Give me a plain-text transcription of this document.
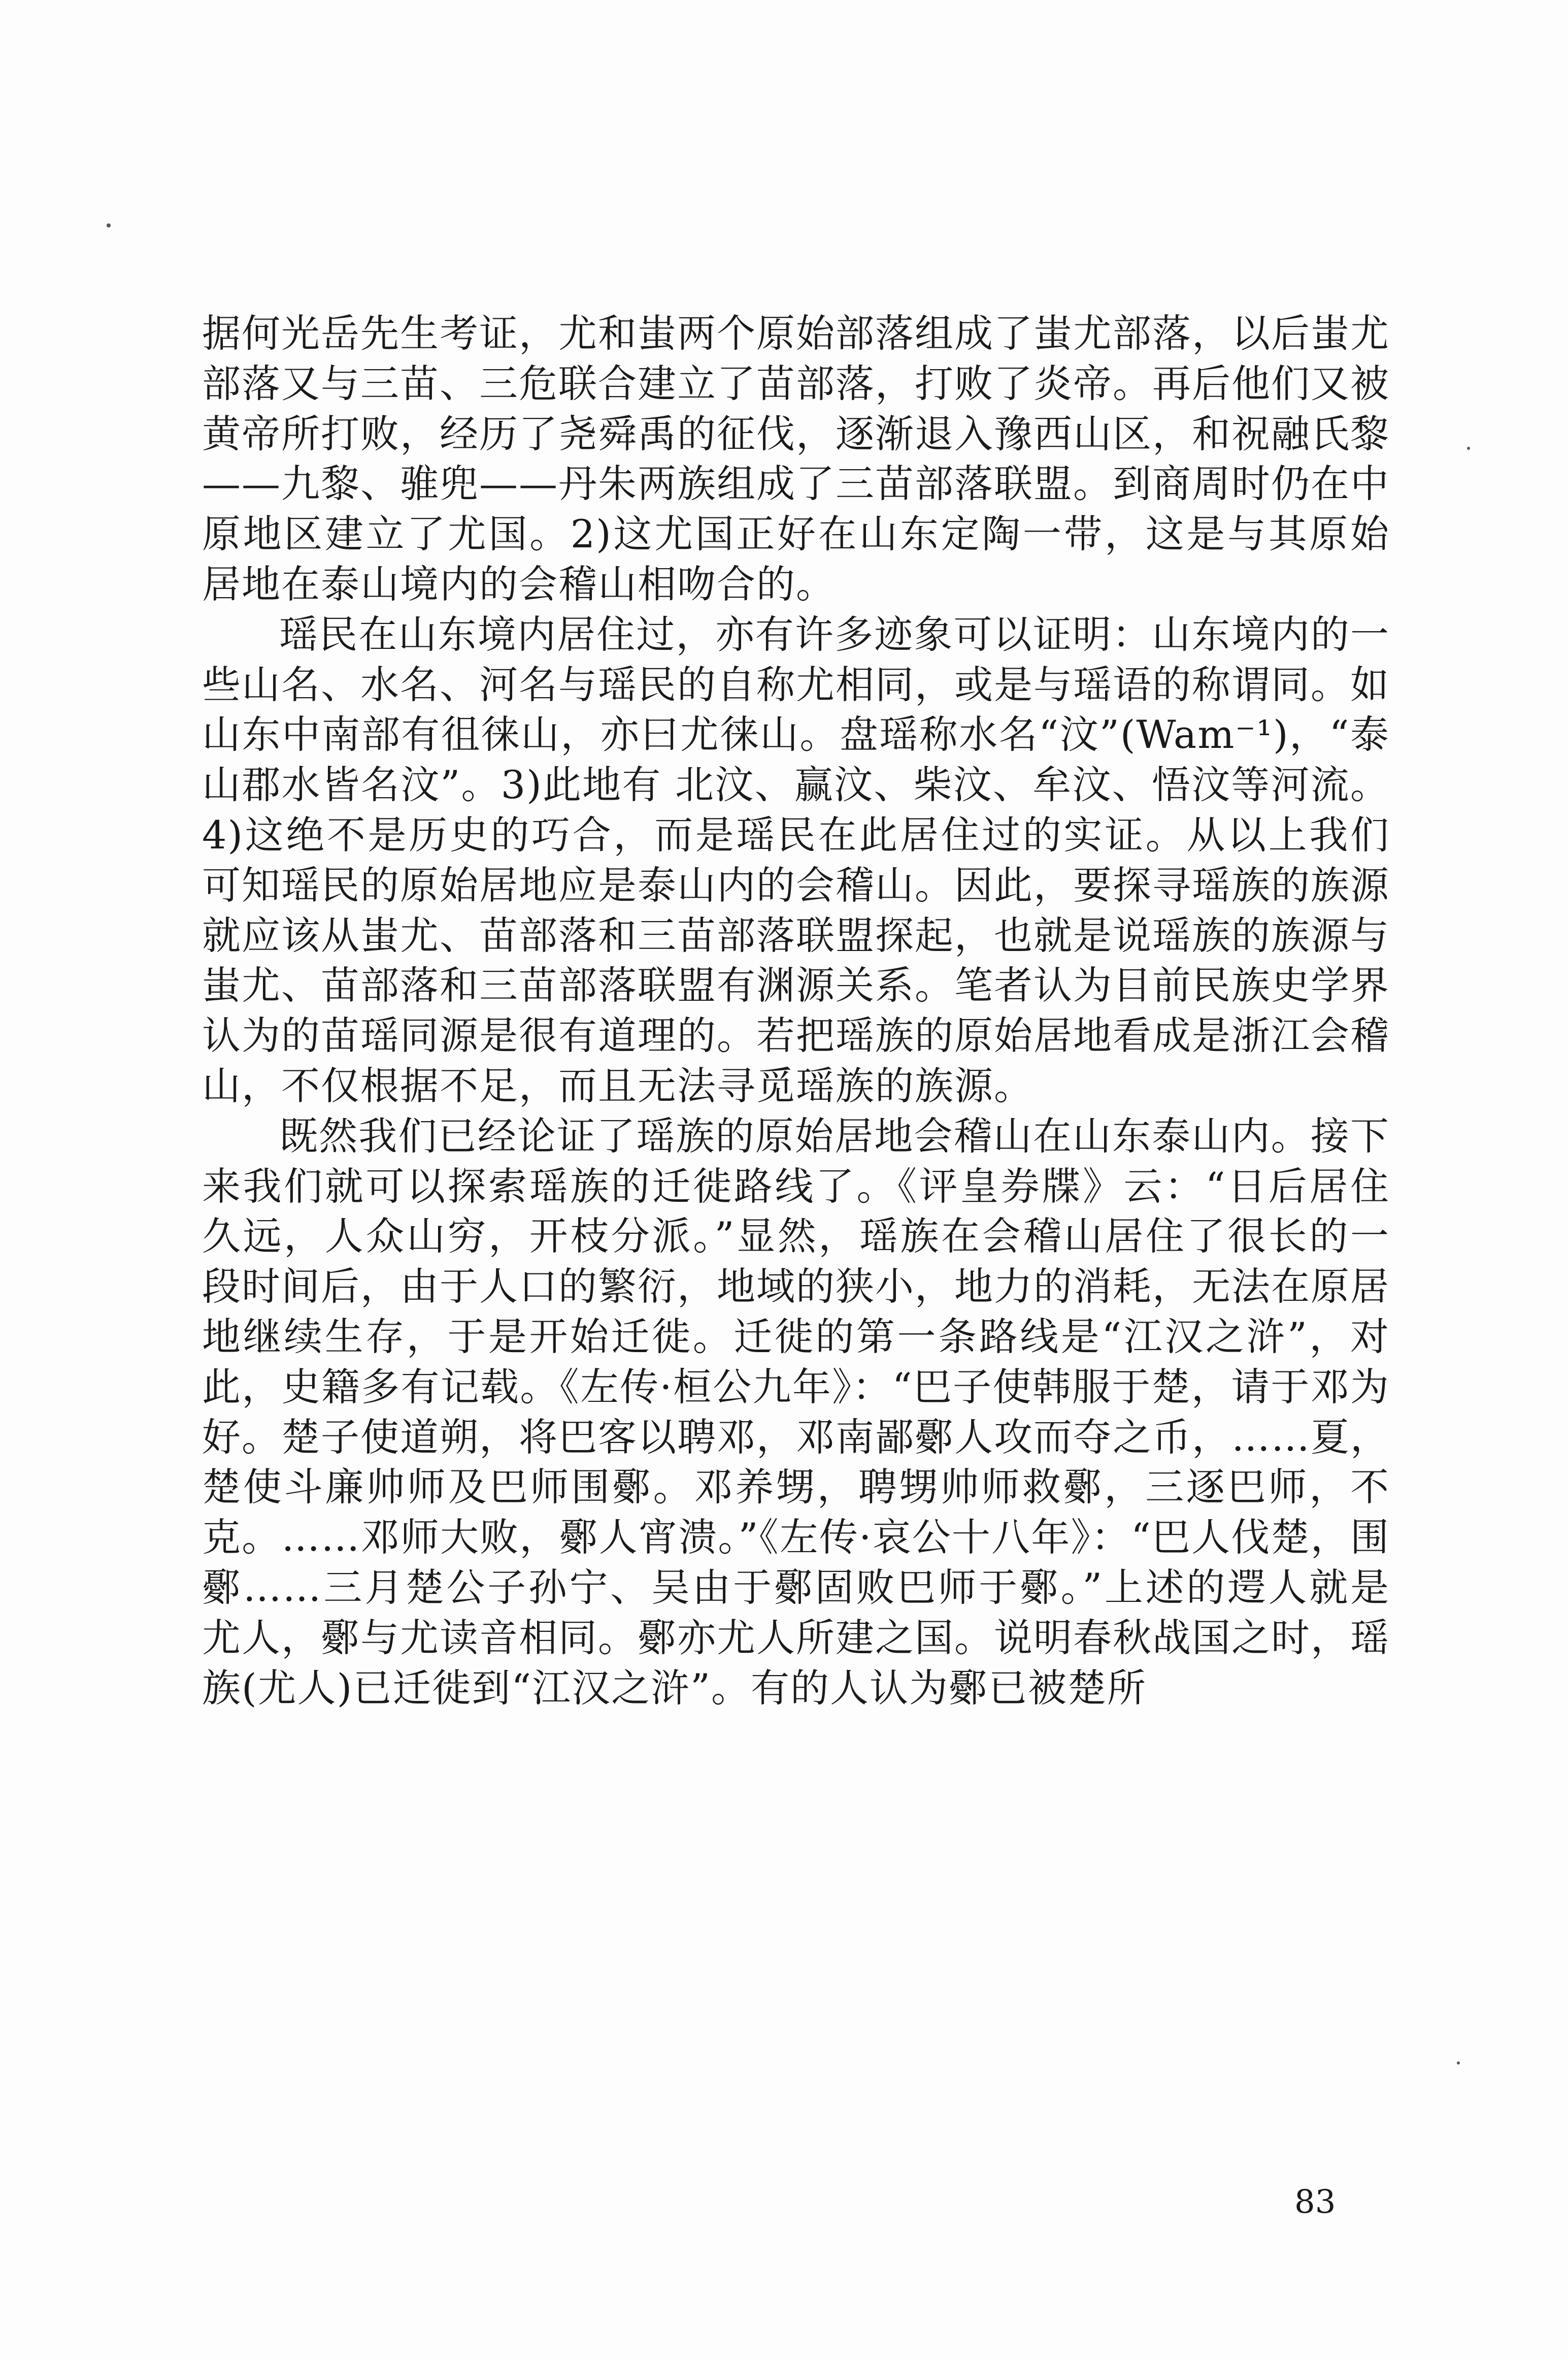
据何光岳先生考证，尤和蚩两个原始部落组成了蚩尤部落，以后蚩尤部落又与三苗、三危联合建立了苗部落，打败了炎帝。再后他们又被黄帝所打败，经历了尧舜禹的征伐，逐渐退入豫西山区，和祝融氏黎——九黎、骓兜——丹朱两族组成了三苗部落联盟。到商周时仍在中原地区建立了尤国。2)这尤国正好在山东定陶一带，这是与其原始居地在泰山境内的会稽山相吻合的。

瑶民在山东境内居住过，亦有许多迹象可以证明：山东境内的一些山名、水名、河名与瑶民的自称尤相同，或是与瑶语的称谓同。如山东中南部有徂徕山，亦曰尤徕山。盘瑶称水名“汶”(Wam⁻¹)，“泰山郡水皆名汶”。3)此地有 北汶、赢汶、柴汶、牟汶、悟汶等河流。4)这绝不是历史的巧合，而是瑶民在此居住过的实证。从以上我们可知瑶民的原始居地应是泰山内的会稽山。因此，要探寻瑶族的族源就应该从蚩尤、苗部落和三苗部落联盟探起，也就是说瑶族的族源与蚩尤、苗部落和三苗部落联盟有渊源关系。笔者认为目前民族史学界认为的苗瑶同源是很有道理的。若把瑶族的原始居地看成是浙江会稽山，不仅根据不足，而且无法寻觅瑶族的族源。

既然我们已经论证了瑶族的原始居地会稽山在山东泰山内。接下来我们就可以探索瑶族的迁徙路线了。《评皇券牒》云：“日后居住久远，人众山穷，开枝分派。”显然，瑶族在会稽山居住了很长的一段时间后，由于人口的繁衍，地域的狭小，地力的消耗，无法在原居地继续生存，于是开始迁徙。迁徙的第一条路线是“江汉之浒”，对此，史籍多有记载。《左传·桓公九年》：“巴子使韩服于楚，请于邓为好。楚子使道朔，将巴客以聘邓，邓南鄙鄾人攻而夺之币，……夏，楚使斗廉帅师及巴师围鄾。邓养甥，聘甥帅师救鄾，三逐巴师，不克。……邓师大败，鄾人宵溃。”《左传·哀公十八年》：“巴人伐楚，围鄾……三月楚公子孙宁、吴由于鄾固败巴师于鄾。”上述的遌人就是尤人，鄾与尤读音相同。鄾亦尤人所建之国。说明春秋战国之时，瑶族(尤人)已迁徙到“江汉之浒”。有的人认为鄾已被楚所

83
